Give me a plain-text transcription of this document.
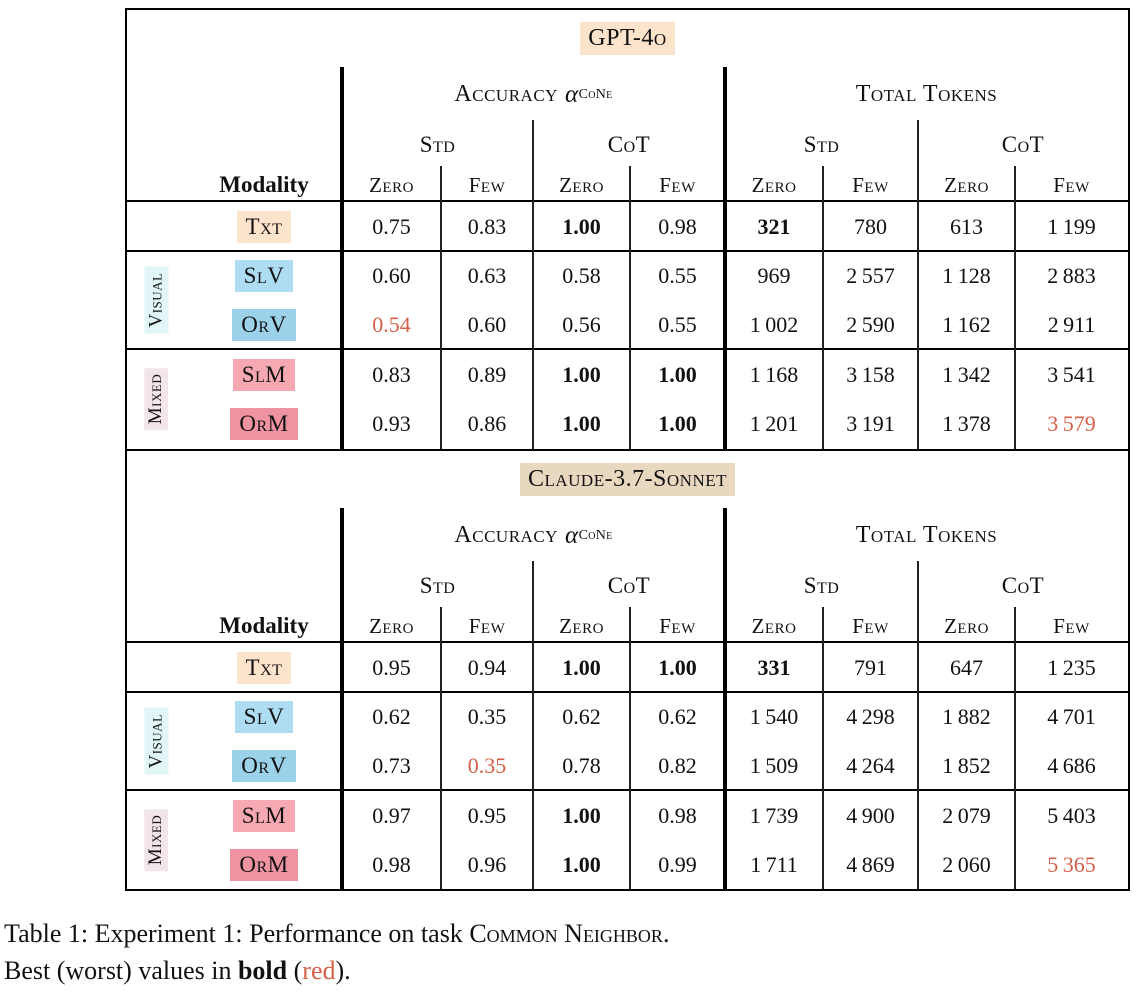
GPT-4o
Accuracy α CoNe	Total Tokens
Std	CoT	Std	CoT
Modality	Zero	Few	Zero	Few	Zero	Few	Zero	Few
Txt	0.75	0.83	1.00	0.98	321	780	613	1 199
SlV	0.60	0.63	0.58	0.55	969	2 557	1 128	2 883
OrV	0.54	0.60	0.56	0.55	1 002	2 590	1 162	2 911
SlM	0.83	0.89	1.00	1.00	1 168	3 158	1 342	3 541
OrM	0.93	0.86	1.00	1.00	1 201	3 191	1 378	3 579
Visual
Mixed
Claude-3.7-Sonnet
Accuracy α CoNe	Total Tokens
Std	CoT	Std	CoT
Modality	Zero	Few	Zero	Few	Zero	Few	Zero	Few
Txt	0.95	0.94	1.00	1.00	331	791	647	1 235
SlV	0.62	0.35	0.62	0.62	1 540	4 298	1 882	4 701
OrV	0.73	0.35	0.78	0.82	1 509	4 264	1 852	4 686
SlM	0.97	0.95	1.00	0.98	1 739	4 900	2 079	5 403
OrM	0.98	0.96	1.00	0.99	1 711	4 869	2 060	5 365
Visual
Mixed
Table 1: Experiment 1: Performance on task Common Neighbor.
Best (worst) values in bold (red).
